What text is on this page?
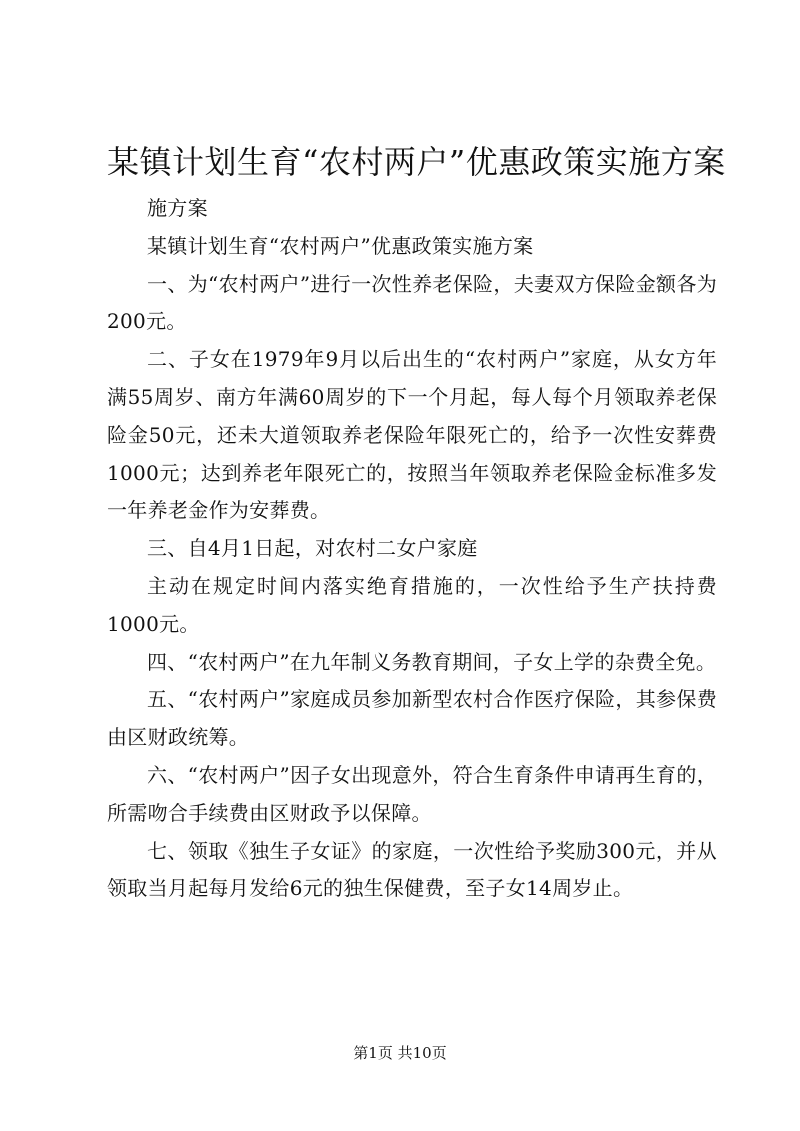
某镇计划生育“农村两户”优惠政策实施方案

施方案

某镇计划生育“农村两户”优惠政策实施方案

一、为“农村两户”进行一次性养老保险，夫妻双方保险金额各为200元。

二、子女在1979年9月以后出生的“农村两户”家庭，从女方年满55周岁、南方年满60周岁的下一个月起，每人每个月领取养老保险金50元，还未大道领取养老保险年限死亡的，给予一次性安葬费1000元；达到养老年限死亡的，按照当年领取养老保险金标准多发一年养老金作为安葬费。

三、自4月1日起，对农村二女户家庭

主动在规定时间内落实绝育措施的，一次性给予生产扶持费1000元。

四、“农村两户”在九年制义务教育期间，子女上学的杂费全免。

五、“农村两户”家庭成员参加新型农村合作医疗保险，其参保费由区财政统筹。

六、“农村两户”因子女出现意外，符合生育条件申请再生育的，所需吻合手续费由区财政予以保障。

七、领取《独生子女证》的家庭，一次性给予奖励300元，并从领取当月起每月发给6元的独生保健费，至子女14周岁止。

第1页 共10页
